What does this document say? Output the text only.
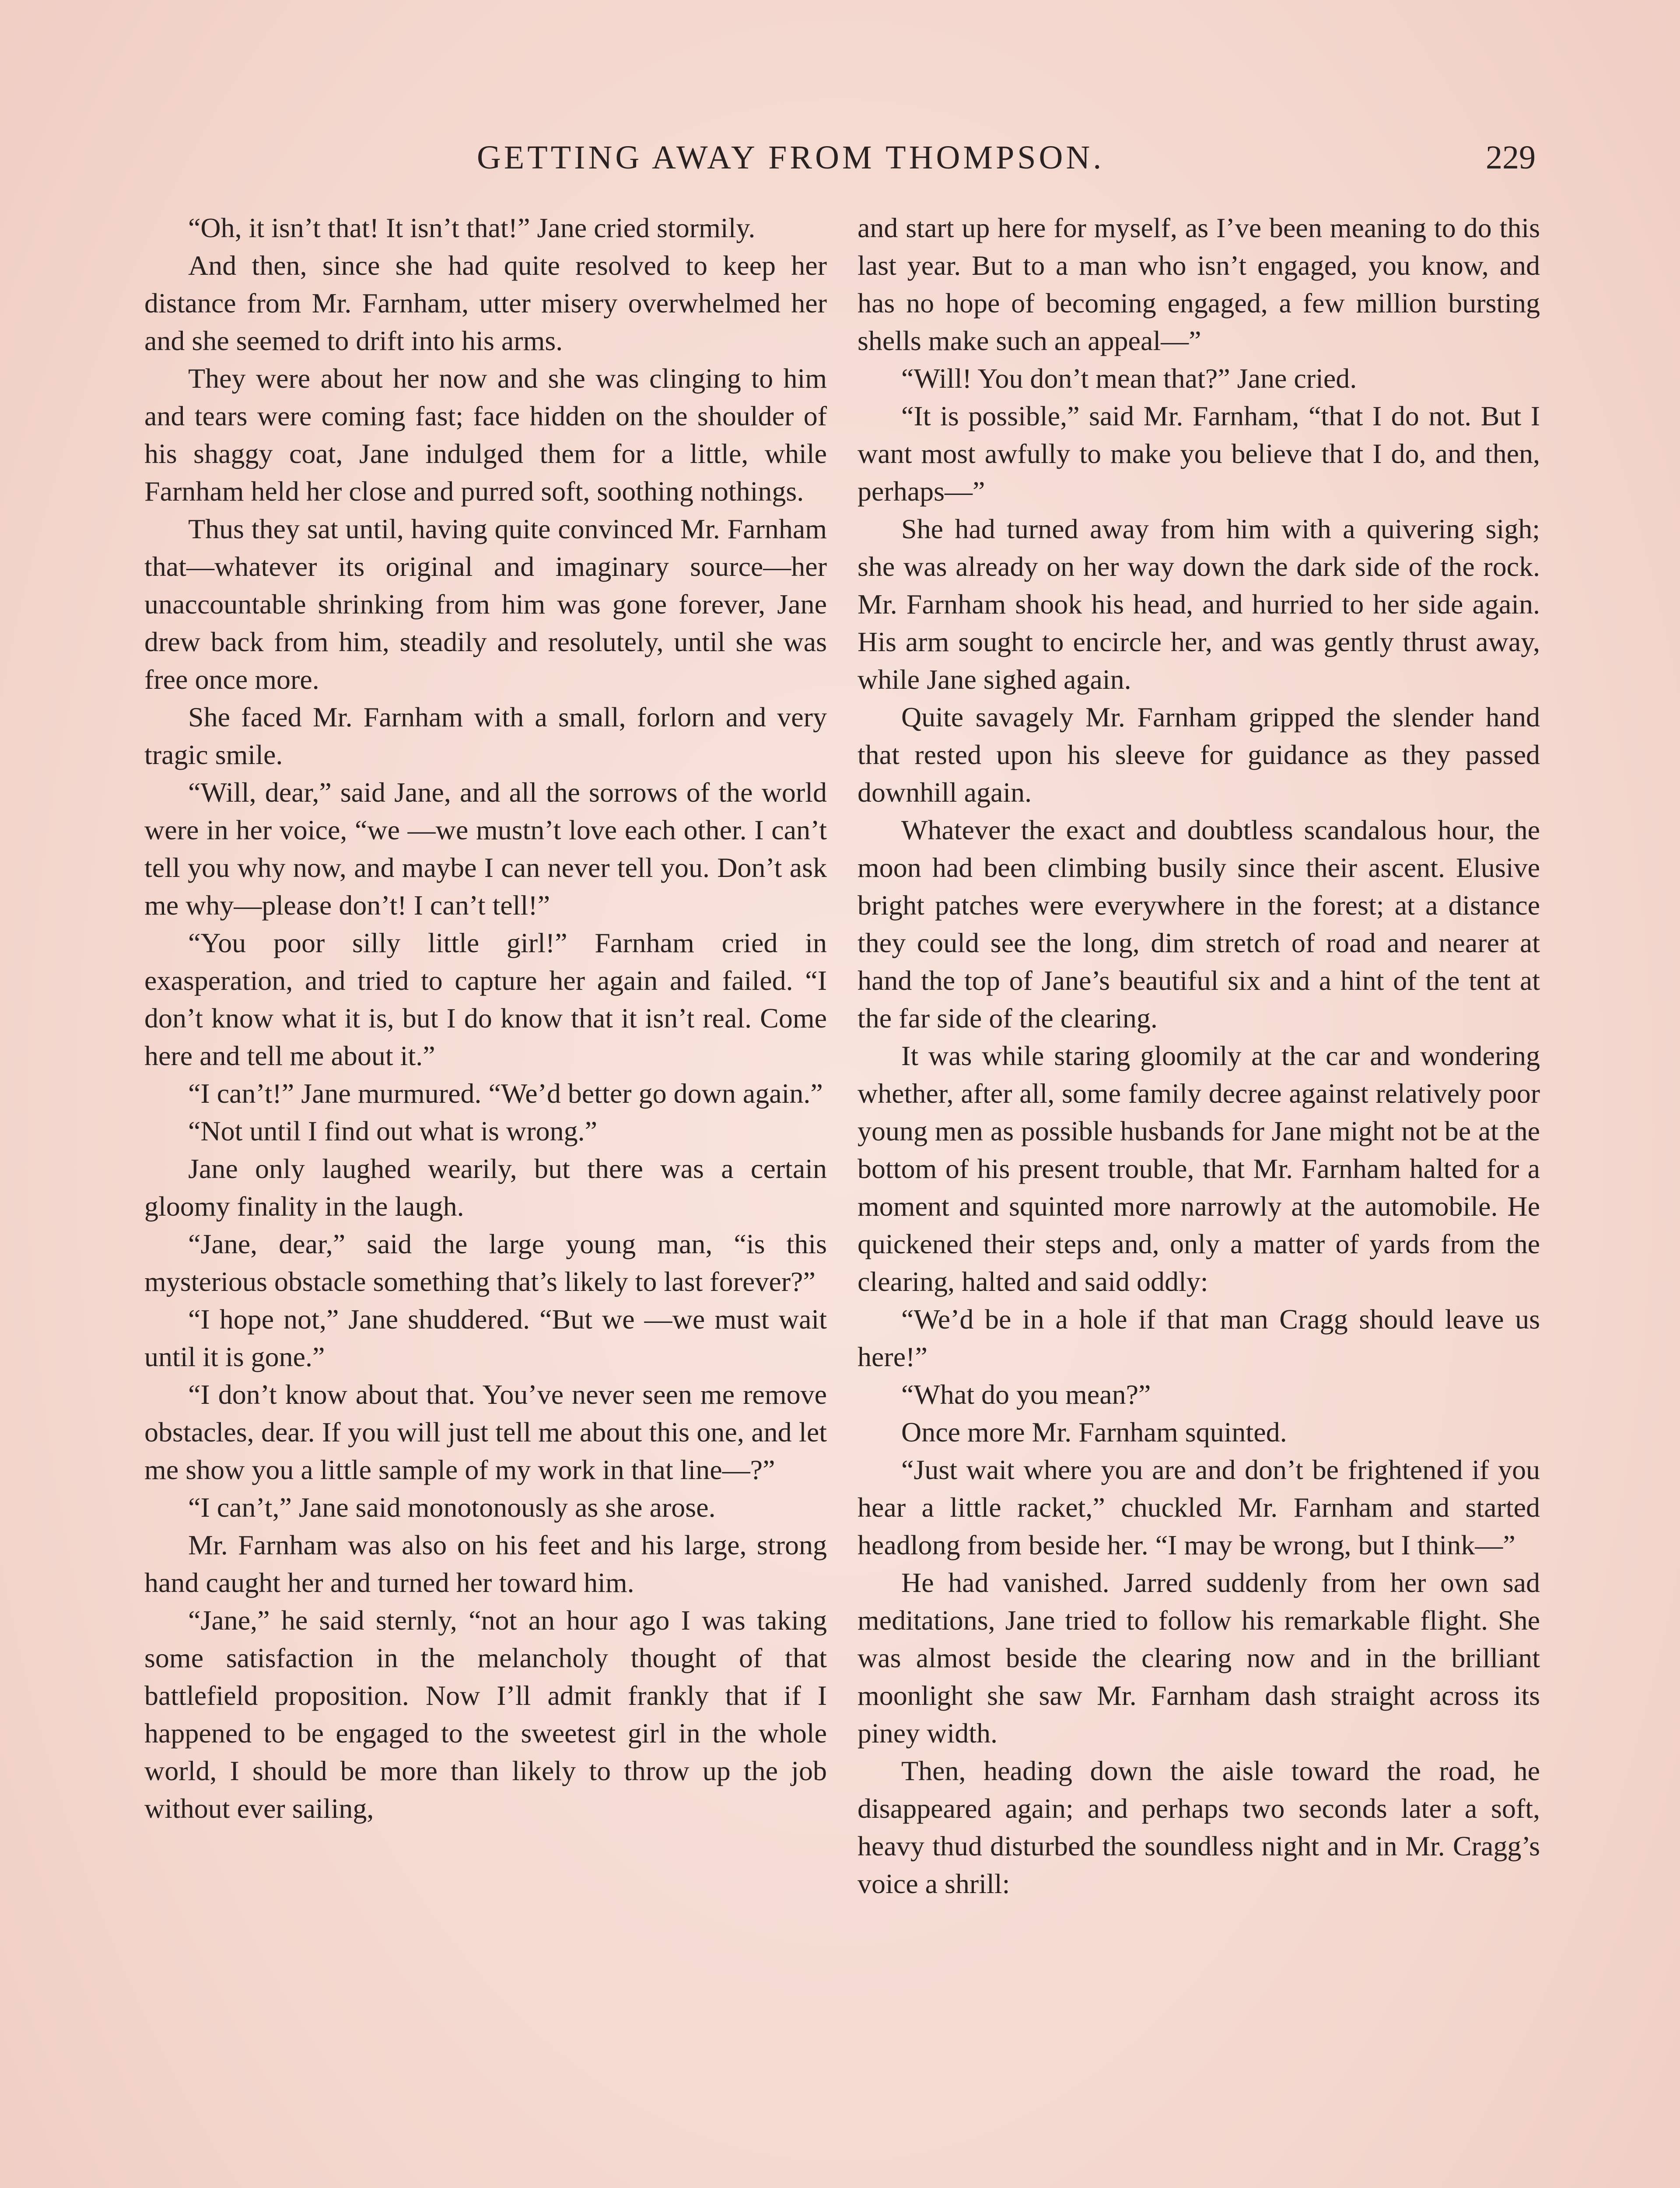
GETTING AWAY FROM THOMPSON.	229

“Oh, it isn’t that! It isn’t that!” Jane cried stormily.

And then, since she had quite resolved to keep her distance from Mr. Farnham, utter misery overwhelmed her and she seemed to drift into his arms.

They were about her now and she was clinging to him and tears were coming fast; face hidden on the shoulder of his shaggy coat, Jane indulged them for a little, while Farnham held her close and purred soft, soothing nothings.

Thus they sat until, having quite convinced Mr. Farnham that—whatever its original and imaginary source—her unaccountable shrinking from him was gone forever, Jane drew back from him, steadily and resolutely, until she was free once more.

She faced Mr. Farnham with a small, forlorn and very tragic smile.

“Will, dear,” said Jane, and all the sorrows of the world were in her voice, “we —we mustn’t love each other. I can’t tell you why now, and maybe I can never tell you. Don’t ask me why—please don’t! I can’t tell!”

“You poor silly little girl!” Farnham cried in exasperation, and tried to capture her again and failed. “I don’t know what it is, but I do know that it isn’t real. Come here and tell me about it.”

“I can’t!” Jane murmured. “We’d better go down again.”

“Not until I find out what is wrong.”

Jane only laughed wearily, but there was a certain gloomy finality in the laugh.

“Jane, dear,” said the large young man, “is this mysterious obstacle something that’s likely to last forever?”

“I hope not,” Jane shuddered. “But we —we must wait until it is gone.”

“I don’t know about that. You’ve never seen me remove obstacles, dear. If you will just tell me about this one, and let me show you a little sample of my work in that line—?”

“I can’t,” Jane said monotonously as she arose.

Mr. Farnham was also on his feet and his large, strong hand caught her and turned her toward him.

“Jane,” he said sternly, “not an hour ago I was taking some satisfaction in the melancholy thought of that battlefield proposition. Now I’ll admit frankly that if I happened to be engaged to the sweetest girl in the whole world, I should be more than likely to throw up the job without ever sailing,

and start up here for myself, as I’ve been meaning to do this last year. But to a man who isn’t engaged, you know, and has no hope of becoming engaged, a few million bursting shells make such an appeal—”

“Will! You don’t mean that?” Jane cried.

“It is possible,” said Mr. Farnham, “that I do not. But I want most awfully to make you believe that I do, and then, perhaps—”

She had turned away from him with a quivering sigh; she was already on her way down the dark side of the rock. Mr. Farnham shook his head, and hurried to her side again. His arm sought to encircle her, and was gently thrust away, while Jane sighed again.

Quite savagely Mr. Farnham gripped the slender hand that rested upon his sleeve for guidance as they passed downhill again.

Whatever the exact and doubtless scandalous hour, the moon had been climbing busily since their ascent. Elusive bright patches were everywhere in the forest; at a distance they could see the long, dim stretch of road and nearer at hand the top of Jane’s beautiful six and a hint of the tent at the far side of the clearing.

It was while staring gloomily at the car and wondering whether, after all, some family decree against relatively poor young men as possible husbands for Jane might not be at the bottom of his present trouble, that Mr. Farnham halted for a moment and squinted more narrowly at the automobile. He quickened their steps and, only a matter of yards from the clearing, halted and said oddly:

“We’d be in a hole if that man Cragg should leave us here!”

“What do you mean?”

Once more Mr. Farnham squinted.

“Just wait where you are and don’t be frightened if you hear a little racket,” chuckled Mr. Farnham and started headlong from beside her. “I may be wrong, but I think—”

He had vanished. Jarred suddenly from her own sad meditations, Jane tried to follow his remarkable flight. She was almost beside the clearing now and in the brilliant moonlight she saw Mr. Farnham dash straight across its piney width.

Then, heading down the aisle toward the road, he disappeared again; and perhaps two seconds later a soft, heavy thud disturbed the soundless night and in Mr. Cragg’s voice a shrill:
